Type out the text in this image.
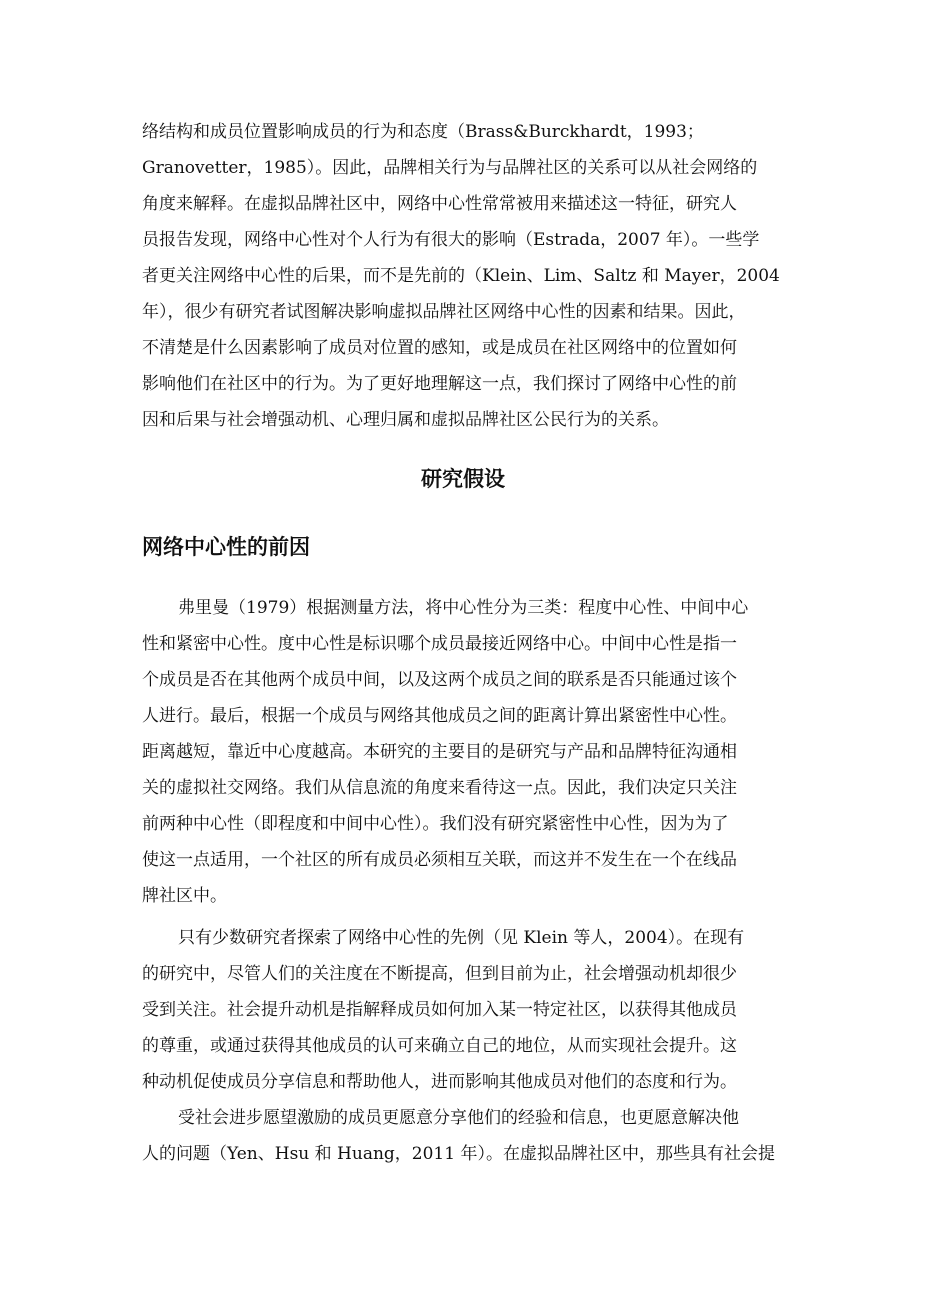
络结构和成员位置影响成员的行为和态度（Brass&Burckhardt，1993；
Granovetter，1985）。因此，品牌相关行为与品牌社区的关系可以从社会网络的
角度来解释。在虚拟品牌社区中，网络中心性常常被用来描述这一特征，研究人
员报告发现，网络中心性对个人行为有很大的影响（Estrada，2007 年）。一些学
者更关注网络中心性的后果，而不是先前的（Klein、Lim、Saltz 和 Mayer，2004
年），很少有研究者试图解决影响虚拟品牌社区网络中心性的因素和结果。因此，
不清楚是什么因素影响了成员对位置的感知，或是成员在社区网络中的位置如何
影响他们在社区中的行为。为了更好地理解这一点，我们探讨了网络中心性的前
因和后果与社会增强动机、心理归属和虚拟品牌社区公民行为的关系。
研究假设
网络中心性的前因
弗里曼（1979）根据测量方法，将中心性分为三类：程度中心性、中间中心
性和紧密中心性。度中心性是标识哪个成员最接近网络中心。中间中心性是指一
个成员是否在其他两个成员中间，以及这两个成员之间的联系是否只能通过该个
人进行。最后，根据一个成员与网络其他成员之间的距离计算出紧密性中心性。
距离越短，靠近中心度越高。本研究的主要目的是研究与产品和品牌特征沟通相
关的虚拟社交网络。我们从信息流的角度来看待这一点。因此，我们决定只关注
前两种中心性（即程度和中间中心性）。我们没有研究紧密性中心性，因为为了
使这一点适用，一个社区的所有成员必须相互关联，而这并不发生在一个在线品
牌社区中。
只有少数研究者探索了网络中心性的先例（见 Klein 等人，2004）。在现有
的研究中，尽管人们的关注度在不断提高，但到目前为止，社会增强动机却很少
受到关注。社会提升动机是指解释成员如何加入某一特定社区，以获得其他成员
的尊重，或通过获得其他成员的认可来确立自己的地位，从而实现社会提升。这
种动机促使成员分享信息和帮助他人，进而影响其他成员对他们的态度和行为。
受社会进步愿望激励的成员更愿意分享他们的经验和信息，也更愿意解决他
人的问题（Yen、Hsu 和 Huang，2011 年）。在虚拟品牌社区中，那些具有社会提
